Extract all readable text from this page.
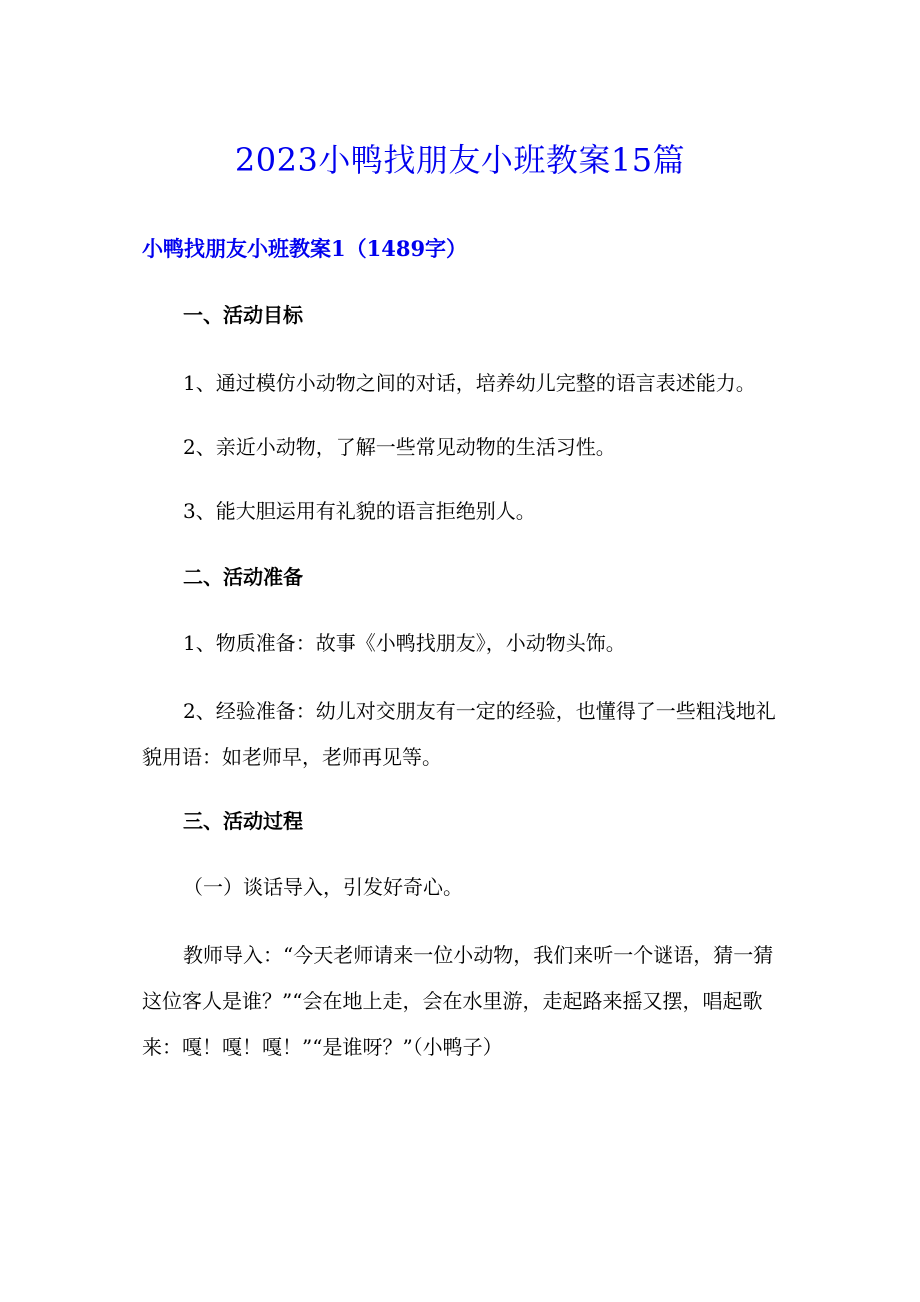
2023小鸭找朋友小班教案15篇
小鸭找朋友小班教案1（1489字）
一、活动目标
1、通过模仿小动物之间的对话，培养幼儿完整的语言表述能力。
2、亲近小动物，了解一些常见动物的生活习性。
3、能大胆运用有礼貌的语言拒绝别人。
二、活动准备
1、物质准备：故事《小鸭找朋友》，小动物头饰。
2、经验准备：幼儿对交朋友有一定的经验，也懂得了一些粗浅地礼貌用语：如老师早，老师再见等。
三、活动过程
（一）谈话导入，引发好奇心。
教师导入：“今天老师请来一位小动物，我们来听一个谜语，猜一猜这位客人是谁？”“会在地上走，会在水里游，走起路来摇又摆，唱起歌来：嘎！嘎！嘎！”“是谁呀？”（小鸭子）
